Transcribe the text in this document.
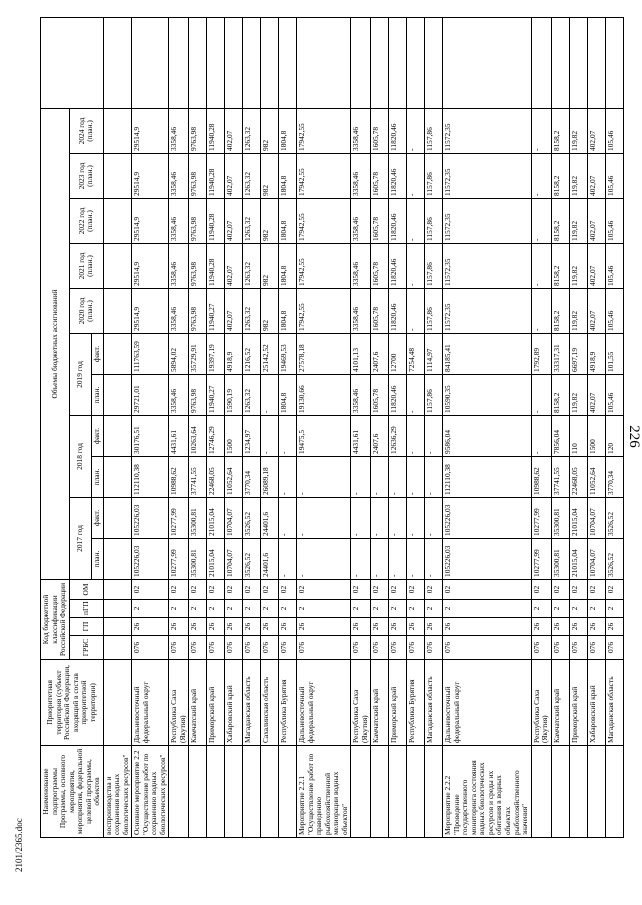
226
2101/2365.doc
Наименование подпрограммы Программы, основного мероприятия, мероприятия, федеральной целевой программы, объектов	Приоритетная территория (субъект Российской Федерации, входящий в состав приоритетной территории)	Код бюджетной классификации Российской Федерации				Объемы бюджетных ассигнований											
		ГРБС	ГП	пГП	ОМ	2017 год		2018 год		2019 год		2020 год (план.)	2021 год (план.)	2022 год (план.)	2023 год (план.)	2024 год (план.)	
						план.	факт.	план.	факт.	план.	факт.						
воспроизводства и сохранения водных биологических ресурсов"																	
Основное мероприятие 2.2 "Осуществление работ по сохранению водных биологических ресурсов"	Дальневосточный федеральный округ	076	26	2	02	105226,03	105226,03	112110,38	30176,51	29721,01	111763,59	29514,9	29514,9	29514,9	29514,9	29514,9	
	Республика Саха (Якутия)	076	26	2	02	10277,99	10277,99	10988,62	4431,61	3358,46	5894,02	3358,46	3358,46	3358,46	3358,46	3358,46	
	Камчатский край	076	26	2	02	35300,81	35300,81	37741,55	10263,64	9763,98	35729,91	9763,98	9763,98	9763,98	9763,98	9763,98	
	Приморский край	076	26	2	02	21015,04	21015,04	22468,05	12746,29	11940,27	19397,19	11940,27	11940,28	11940,28	11940,28	11940,28	
	Хабаровский край	076	26	2	02	10704,07	10704,07	11052,64	1500	1590,19	4918,9	402,07	402,07	402,07	402,07	402,07	
	Магаданская область	076	26	2	02	3526,52	3526,52	3770,34	1234,97	1263,32	1216,52	1263,32	1263,32	1263,32	1263,32	1263,32	
	Сахалинская область	076	26	2	02	24401,6	24401,6	26089,18	-	-	25142,52	982	982	982	982	982	
	Республика Бурятия	076	26	2	02	-	-	-	-	1804,8	19469,53	1804,8	1804,8	1804,8	1804,8	1804,8	
Мероприятие 2.2.1 "Осуществление работ по праведению рыбохозяйственной мелиорации водных объектов"	Дальневосточный федеральный округ	076	26	2	02	-	-	-	19475,5	19130,66	27578,18	17942,55	17942,55	17942,55	17942,55	17942,55	
	Республика Саха (Якутия)	076	26	2	02	-	-	-	4431,61	3358,46	4101,13	3358,46	3358,46	3358,46	3358,46	3358,46	
	Камчатский край	076	26	2	02	-	-	-	2407,6	1605,78	2407,6	1605,78	1605,78	1605,78	1605,78	1605,78	
	Приморский край	076	26	2	02	-	-	-	12636,29	11820,46	12700	11820,46	11820,46	11820,46	11820,46	11820,46	
	Республика Бурятия	076	26	2	02	-	-	-	-	-	7254,48	-	-	-	-	-	
	Магаданская область	076	26	2	02	-	-	-	-	1157,86	1114,97	1157,86	1157,86	1157,86	1157,86	1157,86	
Мероприятие 2.2.2 "Проведение государственного мониторинга состояния водных биологических ресурсов и среды их обитания в водных объектах рыбохозяйственного значения"	Дальневосточный федеральный округ	076	26	2	02	105226,03	105226,03	112110,38	9586,04	10590,35	84185,41	11572,35	11572,35	11572,35	11572,35	11572,35	
	Республика Саха (Якутия)	076	26	2	02	10277,99	10277,99	10988,62	-	-	1792,89	-	-	-	-	-	
	Камчатский край	076	26	2	02	35300,81	35300,81	37741,55	7856,04	8158,2	33317,31	8158,2	8158,2	8158,2	8158,2	8158,2	
	Приморский край	076	26	2	02	21015,04	21015,04	22468,05	110	119,82	6697,19	119,82	119,82	119,82	119,82	119,82	
	Хабаровский край	076	26	2	02	10704,07	10704,07	11052,64	1500	402,07	4918,9	402,07	402,07	402,07	402,07	402,07	
	Магаданская область	076	26	2	02	3526,52	3526,52	3770,34	120	105,46	101,55	105,46	105,46	105,46	105,46	105,46	
